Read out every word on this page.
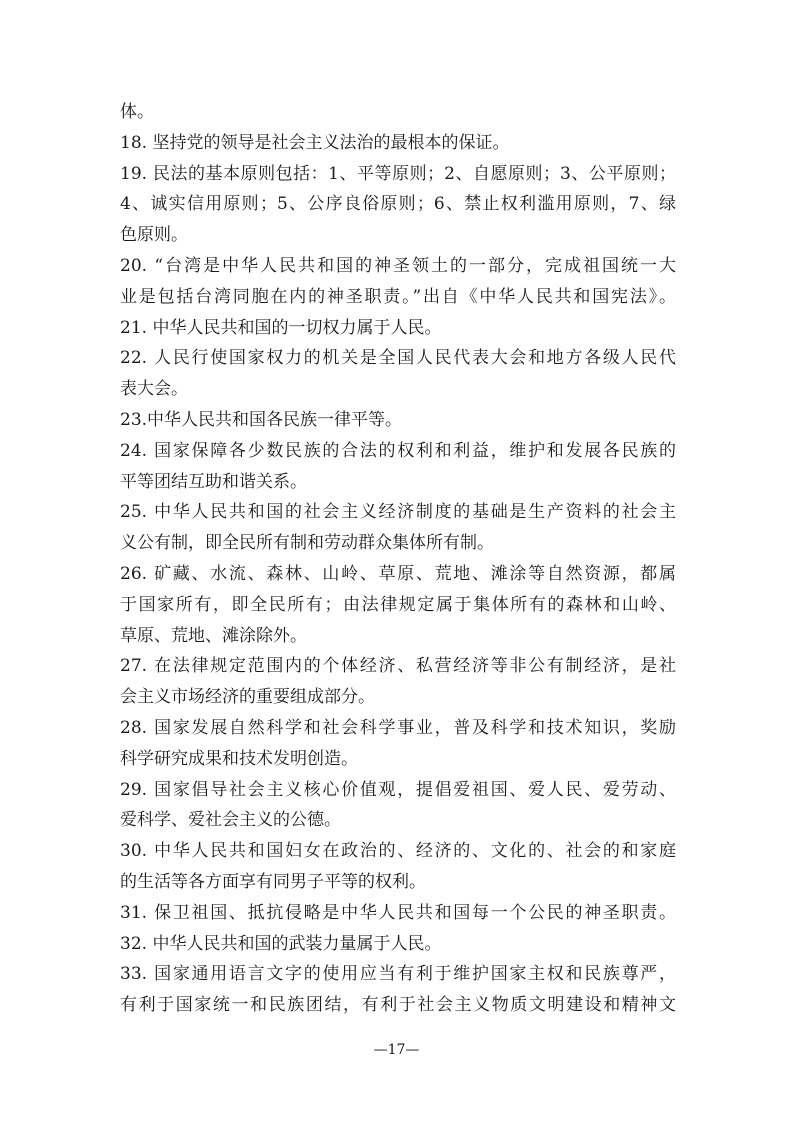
体。
18. 坚持党的领导是社会主义法治的最根本的保证。
19. 民法的基本原则包括：1、平等原则；2、自愿原则；3、公平原则；
4、诚实信用原则；5、公序良俗原则；6、禁止权利滥用原则，7、绿
色原则。
20. “台湾是中华人民共和国的神圣领土的一部分，完成祖国统一大
业是包括台湾同胞在内的神圣职责。”出自《中华人民共和国宪法》。
21. 中华人民共和国的一切权力属于人民。
22. 人民行使国家权力的机关是全国人民代表大会和地方各级人民代
表大会。
23.中华人民共和国各民族一律平等。
24. 国家保障各少数民族的合法的权利和利益，维护和发展各民族的
平等团结互助和谐关系。
25. 中华人民共和国的社会主义经济制度的基础是生产资料的社会主
义公有制，即全民所有制和劳动群众集体所有制。
26. 矿藏、水流、森林、山岭、草原、荒地、滩涂等自然资源，都属
于国家所有，即全民所有；由法律规定属于集体所有的森林和山岭、
草原、荒地、滩涂除外。
27. 在法律规定范围内的个体经济、私营经济等非公有制经济，是社
会主义市场经济的重要组成部分。
28. 国家发展自然科学和社会科学事业，普及科学和技术知识，奖励
科学研究成果和技术发明创造。
29. 国家倡导社会主义核心价值观，提倡爱祖国、爱人民、爱劳动、
爱科学、爱社会主义的公德。
30. 中华人民共和国妇女在政治的、经济的、文化的、社会的和家庭
的生活等各方面享有同男子平等的权利。
31. 保卫祖国、抵抗侵略是中华人民共和国每一个公民的神圣职责。
32. 中华人民共和国的武装力量属于人民。
33. 国家通用语言文字的使用应当有利于维护国家主权和民族尊严，
有利于国家统一和民族团结，有利于社会主义物质文明建设和精神文
—17—
